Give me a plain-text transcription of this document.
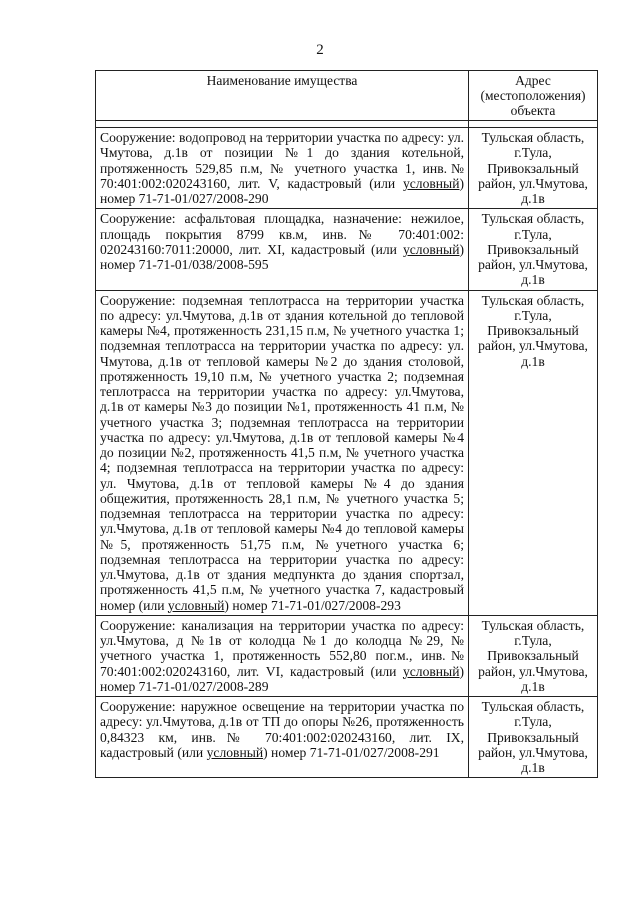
2
Наименование имущества	Адрес (местоположения) объекта

Сооружение: водопровод на территории участка по адресу: ул. Чмутова, д.1в от позиции №1 до здания котельной, протяженность 529,85 п.м, № учетного участка 1, инв.№ 70:401:002:020243160, лит. V, кадастровый (или условный) номер 71-71-01/027/2008-290	Тульская область, г.Тула, Привокзальный район, ул.Чмутова, д.1в
Сооружение: асфальтовая площадка, назначение: нежилое, площадь покрытия 8799 кв.м, инв.№ 70:401:002: 020243160:7011:20000, лит. XI, кадастровый (или условный) номер 71-71-01/038/2008-595	Тульская область, г.Тула, Привокзальный район, ул.Чмутова, д.1в
Сооружение: подземная теплотрасса на территории участка по адресу: ул.Чмутова, д.1в от здания котельной до тепловой камеры №4, протяженность 231,15 п.м, № учетного участка 1; подземная теплотрасса на территории участка по адресу: ул. Чмутова, д.1в от тепловой камеры №2 до здания столовой, протяженность 19,10 п.м, № учетного участка 2; подземная теплотрасса на территории участка по адресу: ул.Чмутова, д.1в от камеры №3 до позиции №1, протяженность 41 п.м, № учетного участка 3; подземная теплотрасса на территории участка по адресу: ул.Чмутова, д.1в от тепловой камеры №4 до позиции №2, протяженность 41,5 п.м, № учетного участка 4; подземная теплотрасса на территории участка по адресу: ул. Чмутова, д.1в от тепловой камеры №4 до здания общежития, протяженность 28,1 п.м, № учетного участка 5; подземная теплотрасса на территории участка по адресу: ул.Чмутова, д.1в от тепловой камеры №4 до тепловой камеры №5, протяженность 51,75 п.м, №учетного участка 6; подземная теплотрасса на территории участка по адресу: ул.Чмутова, д.1в от здания медпункта до здания спортзал, протяженность 41,5 п.м, № учетного участка 7, кадастровый номер (или условный) номер 71-71-01/027/2008-293	Тульская область, г.Тула, Привокзальный район, ул.Чмутова, д.1в
Сооружение: канализация на территории участка по адресу: ул.Чмутова, д №1в от колодца №1 до колодца №29, № учетного участка 1, протяженность 552,80 пог.м., инв.№ 70:401:002:020243160, лит. VI, кадастровый (или условный) номер 71-71-01/027/2008-289	Тульская область, г.Тула, Привокзальный район, ул.Чмутова, д.1в
Сооружение: наружное освещение на территории участка по адресу: ул.Чмутова, д.1в от ТП до опоры №26, протяженность 0,84323 км, инв.№ 70:401:002:020243160, лит. IX, кадастровый (или условный) номер 71-71-01/027/2008-291	Тульская область, г.Тула, Привокзальный район, ул.Чмутова, д.1в
